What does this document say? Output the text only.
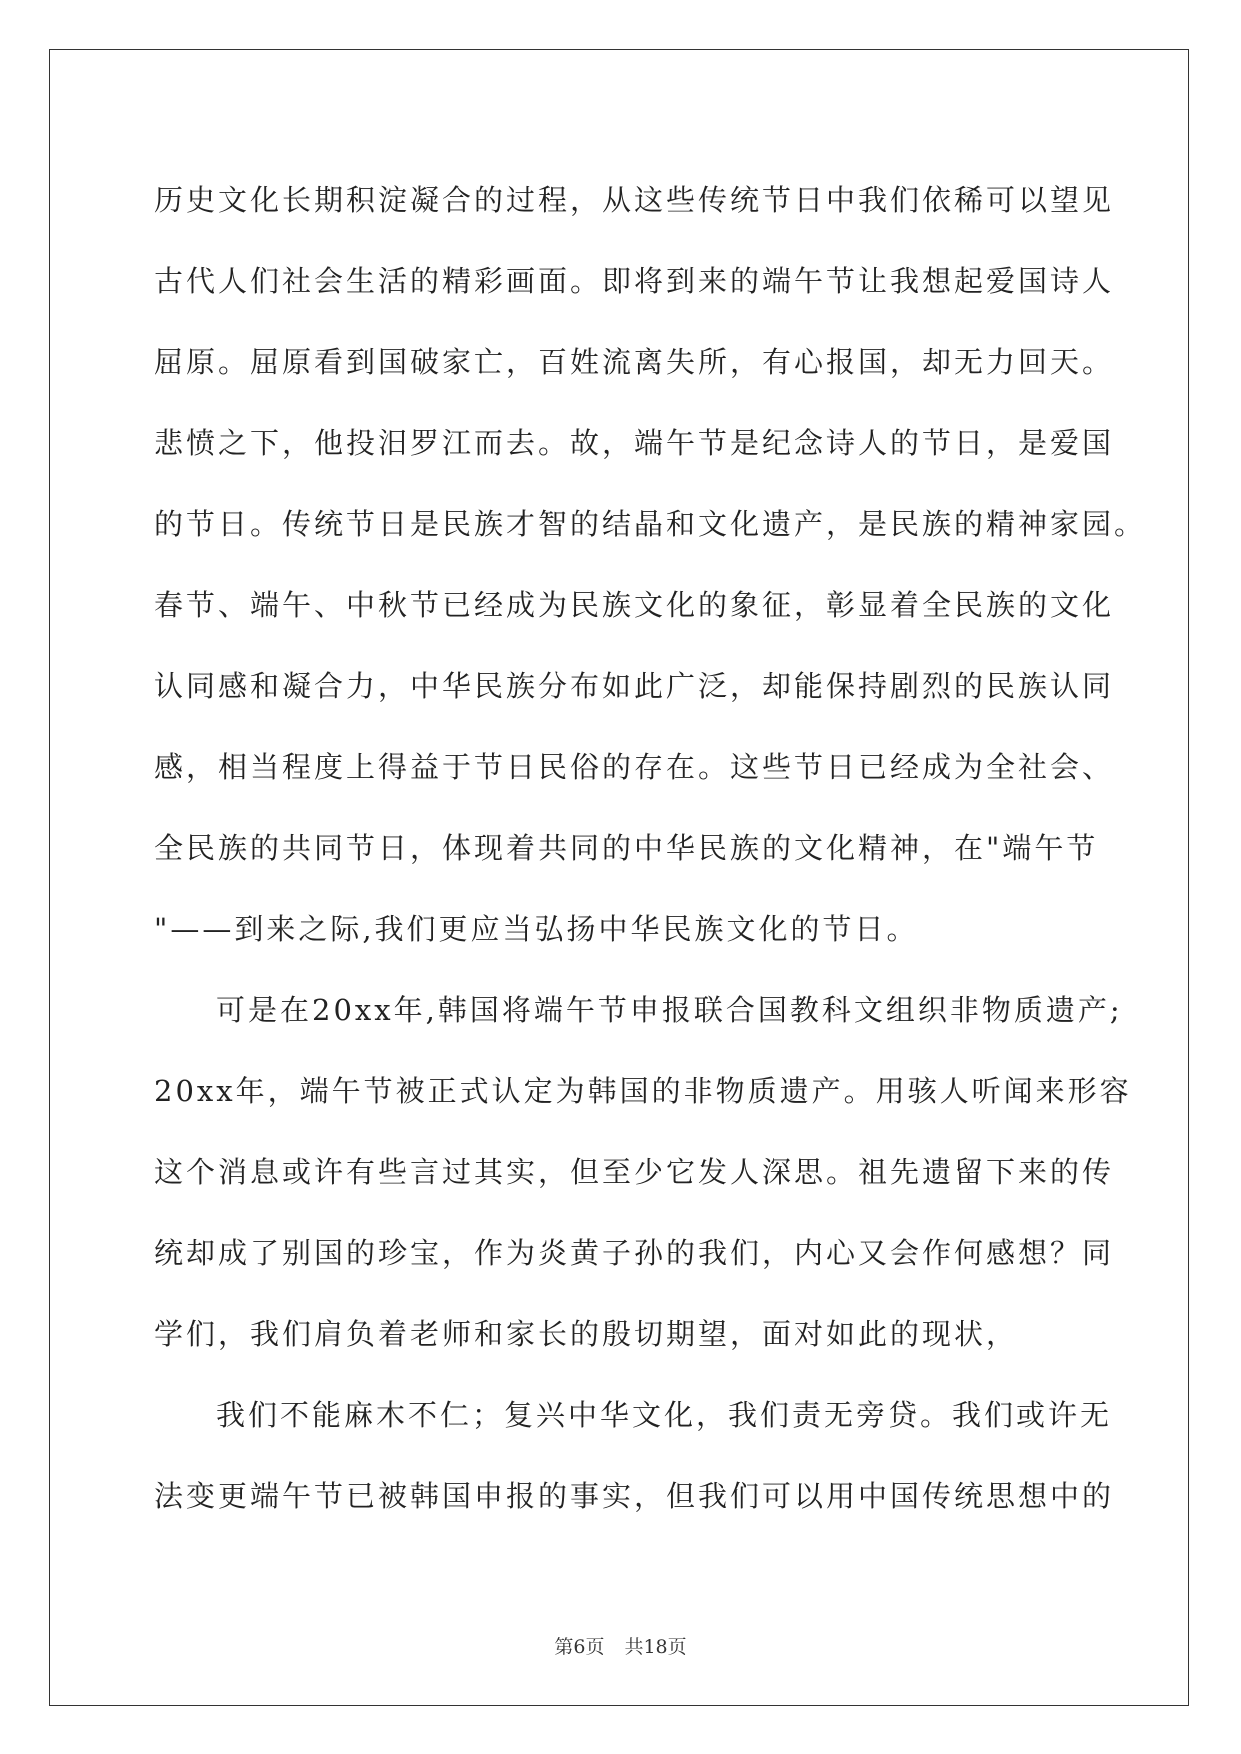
历史文化长期积淀凝合的过程，从这些传统节日中我们依稀可以望见
古代人们社会生活的精彩画面。即将到来的端午节让我想起爱国诗人
屈原。屈原看到国破家亡，百姓流离失所，有心报国，却无力回天。
悲愤之下，他投汨罗江而去。故，端午节是纪念诗人的节日，是爱国
的节日。传统节日是民族才智的结晶和文化遗产，是民族的精神家园。
春节、端午、中秋节已经成为民族文化的象征，彰显着全民族的文化
认同感和凝合力，中华民族分布如此广泛，却能保持剧烈的民族认同
感，相当程度上得益于节日民俗的存在。这些节日已经成为全社会、
全民族的共同节日，体现着共同的中华民族的文化精神，在"端午节
"——到来之际,我们更应当弘扬中华民族文化的节日。
可是在20xx年,韩国将端午节申报联合国教科文组织非物质遗产;
20xx年，端午节被正式认定为韩国的非物质遗产。用骇人听闻来形容
这个消息或许有些言过其实，但至少它发人深思。祖先遗留下来的传
统却成了别国的珍宝，作为炎黄子孙的我们，内心又会作何感想？同
学们，我们肩负着老师和家长的殷切期望，面对如此的现状，
我们不能麻木不仁；复兴中华文化，我们责无旁贷。我们或许无
法变更端午节已被韩国申报的事实，但我们可以用中国传统思想中的
第6页 共18页
